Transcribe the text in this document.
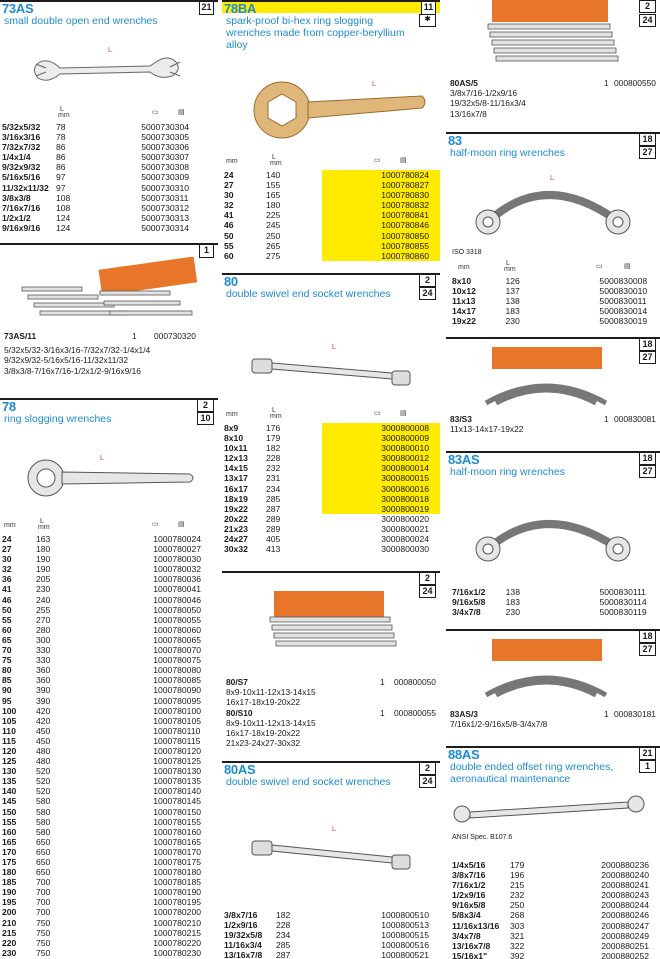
73AS	21
small double open end wrenches
L
L
mm	▭	▤
5/32x5/32	78	5	000730304
3/16x3/16	78	5	000730305
7/32x7/32	86	5	000730306
1/4x1/4	86	5	000730307
9/32x9/32	86	5	000730308
5/16x5/16	97	5	000730309
11/32x11/32	97	5	000730310
3/8x3/8	108	5	000730311
7/16x7/16	108	5	000730312
1/2x1/2	124	5	000730313
9/16x9/16	124	5	000730314
1
73AS/11	1 000730320
5/32x5/32-3/16x3/16-7/32x7/32-1/4x1/4
9/32x9/32-5/16x5/16-11/32x11/32
3/8x3/8-7/16x7/16-1/2x1/2-9/16x9/16
78	2
10
ring slogging wrenches
L
mm
L
mm	▭	▤
24	163	1	000780024
27	180	1	000780027
30	190	1	000780030
32	190	1	000780032
36	205	1	000780036
41	230	1	000780041
46	240	1	000780046
50	255	1	000780050
55	270	1	000780055
60	280	1	000780060
65	300	1	000780065
70	330	1	000780070
75	330	1	000780075
80	360	1	000780080
85	360	1	000780085
90	390	1	000780090
95	390	1	000780095
100	420	1	000780100
105	420	1	000780105
110	450	1	000780110
115	450	1	000780115
120	480	1	000780120
125	480	1	000780125
130	520	1	000780130
135	520	1	000780135
140	520	1	000780140
145	580	1	000780145
150	580	1	000780150
155	580	1	000780155
160	580	1	000780160
165	650	1	000780165
170	650	1	000780170
175	650	1	000780175
180	650	1	000780180
185	700	1	000780185
190	700	1	000780190
195	700	1	000780195
200	700	1	000780200
210	750	1	000780210
215	750	1	000780215
220	750	1	000780220
230	750	1	000780230
78BA	11
✱
spark-proof bi-hex ring slogging wrenches made from copper-beryllium alloy
L
mm
L
mm	▭	▤
24	140	1	000780824
27	155	1	000780827
30	165	1	000780830
32	180	1	000780832
41	225	1	000780841
46	245	1	000780846
50	250	1	000780850
55	265	1	000780855
60	275	1	000780860
80	2
24
double swivel end socket wrenches
L
mm
L
mm	▭	▤
8x9	176	3	000800008
8x10	179	3	000800009
10x11	182	3	000800010
12x13	228	3	000800012
14x15	232	3	000800014
13x17	231	3	000800015
16x17	234	3	000800016
18x19	285	3	000800018
19x22	287	3	000800019
20x22	289	3	000800020
21x23	289	3	000800021
24x27	405	3	000800024
30x32	413	3	000800030
2
24
80/S7	1 000800050
8x9-10x11-12x13-14x15
16x17-18x19-20x22
80/S10	1 000800055
8x9-10x11-12x13-14x15
16x17-18x19-20x22
21x23-24x27-30x32
80AS	2
24
double swivel end socket wrenches
L
3/8x7/16	182	1	000800510
1/2x9/16	228	1	000800513
19/32x5/8	234	1	000800515
11/16x3/4	285	1	000800516
13/16x7/8	287	1	000800521
2
24
80AS/5	1 000800550
3/8x7/16-1/2x9/16
19/32x5/8-11/16x3/4
13/16x7/8
83	18
27
half-moon ring wrenches
L
ISO 3318
mm
L
mm	▭	▤
8x10	126	5	000830008
10x12	137	5	000830010
11x13	138	5	000830011
14x17	183	5	000830014
19x22	230	5	000830019
18
27
83/S3	1 000830081
11x13-14x17-19x22
83AS	18
27
half-moon ring wrenches
7/16x1/2	138	5	000830111
9/16x5/8	183	5	000830114
3/4x7/8	230	5	000830119
18
27
83AS/3	1 000830181
7/16x1/2-9/16x5/8-3/4x7/8
88AS	21
1
double ended offset ring wrenches, aeronautical maintenance
ANSI Spec. B107.6
1/4x5/16	179	2	000880236
3/8x7/16	196	2	000880240
7/16x1/2	215	2	000880241
1/2x9/16	232	2	000880243
9/16x5/8	250	2	000880244
5/8x3/4	268	2	000880246
11/16x13/16	303	2	000880247
3/4x7/8	321	2	000880249
13/16x7/8	322	2	000880251
15/16x1"	392	2	000880252
